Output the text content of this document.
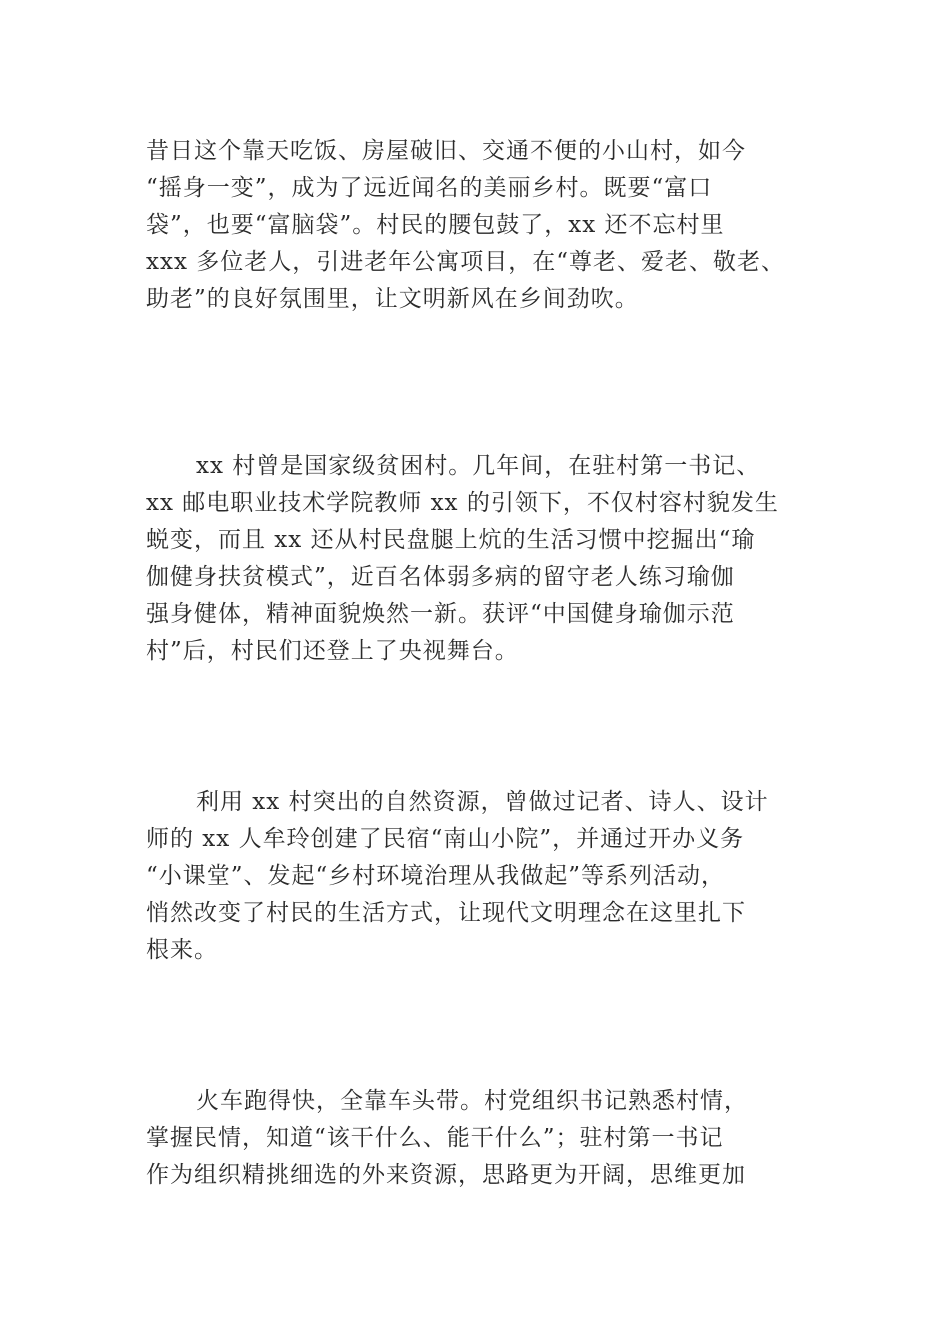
昔日这个靠天吃饭、房屋破旧、交通不便的小山村，如今
“摇身一变”，成为了远近闻名的美丽乡村。既要“富口
袋”，也要“富脑袋”。村民的腰包鼓了，xx 还不忘村里
xxx 多位老人，引进老年公寓项目，在“尊老、爱老、敬老、
助老”的良好氛围里，让文明新风在乡间劲吹。
xx 村曾是国家级贫困村。几年间，在驻村第一书记、
xx 邮电职业技术学院教师 xx 的引领下，不仅村容村貌发生
蜕变，而且 xx 还从村民盘腿上炕的生活习惯中挖掘出“瑜
伽健身扶贫模式”，近百名体弱多病的留守老人练习瑜伽
强身健体，精神面貌焕然一新。获评“中国健身瑜伽示范
村”后，村民们还登上了央视舞台。
利用 xx 村突出的自然资源，曾做过记者、诗人、设计
师的 xx 人牟玲创建了民宿“南山小院”，并通过开办义务
“小课堂”、发起“乡村环境治理从我做起”等系列活动，
悄然改变了村民的生活方式，让现代文明理念在这里扎下
根来。
火车跑得快，全靠车头带。村党组织书记熟悉村情，
掌握民情，知道“该干什么、能干什么”；驻村第一书记
作为组织精挑细选的外来资源，思路更为开阔，思维更加
